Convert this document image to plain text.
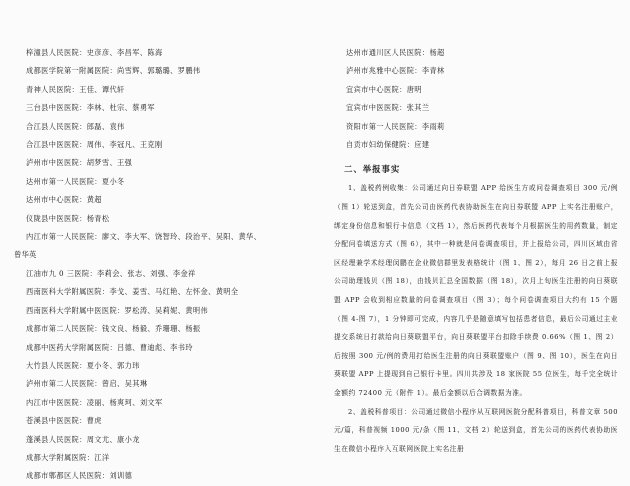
梓潼县人民医院：史彦彦、李昌军、陈海
成都医学院第一附属医院：尚雪辉、郭璐璐、罗鹏伟
青神人民医院：王佳、谭代轩
三台县中医医院：李林、杜宗、蔡勇军
合江县人民医院：郎磊、袁伟
合江县中医医院：周伟、李冠凡、王克刚
泸州市中医医院：胡梦雪、王强
达州市第一人民医院：夏小冬
达州市中心医院：黄超
仪陇县中医医院：杨青松
内江市第一人民医院：廖文、李大军、饶智玲、段治平、吴阳、黄华、
曾华英
江油市九 0 三医院：李莉会、张志、刘强、李金祥
西南医科大学附属医院：李戈、姜雪、马红艳、左怀金、黄明全
西南医科大学附属中医医院：罗松涛、吴莉妮、黄明伟
成都市第二人民医院：钱文良、杨毅、乔珊珊、杨振
成都中医药大学附属医院：吕德、曹迪彪、李书玲
大竹县人民医院：夏小冬、郭力玮
泸州市第二人民医院：曾启、吴其琳
内江市中医医院：凌丽、杨爽珂、刘文军
苍溪县中医医院：曹虎
蓬溪县人民医院：周文尤、康小龙
成都大学附属医院：江洋
成都市郫都区人民医院：刘训德
达州市通川区人民医院：杨超
泸州市兆雅中心医院：李青林
宜宾市中心医院：唐明
宜宾市中医医院：张其兰
资阳市第一人民医院：李雨莉
自贡市妇幼保健院：应建
二、举报事实
1、盖税药例收集：公司通过向日券联盟 APP 给医生方或问卷调查项目 300 元/例（图 1）轮送到盒，首先公司由医药代表协助医生在向日券联盟 APP 上实名注册账户，绑定身份信息和银行卡信息（文档 1），然后医药代表每个月根据医生的用药数量，制定分配问卷填送方式（图 6），其中一种就是问卷调查项目，并上报给公司，四川区域由省区经理兼学术经理闵鹏在企业微信群里发表格统计（图 1、图 2），每月 26 日之前上报公司助理钱贝（图 18），由钱贝汇总全国数据（图 18），次月上旬医生注册的向日葵联盟 APP 会收到相应数量的问卷调查项目（图 3）；每个问卷调查项目大约有 15 个题（图 4-图 7），1 分钟即可完成，内容几乎是随意填写包括患者信息，最后公司通过主业提交系统日打款给向日葵联盟平台，向日葵联盟平台扣除手续费 0.66%（图 1、图 2）后按照 300 元/例的费用打给医生注册的向日葵联盟账户（图 9、图 10），医生在向日葵联盟 APP 上提现到自己银行卡里。四川共涉及 18 家医院 55 位医生，每千完全统计金额约 72400 元（附件 1）。最后金额以后合调数据为准。
2、盖税科普项目：公司通过微信小程序从互联网医院分配科普项目，科普文章 500 元/篇，科普视频 1000 元/条（图 11、文档 2）轮送到盒，首先公司的医药代表协助医生在微信小程序入互联网医院上实名注册
